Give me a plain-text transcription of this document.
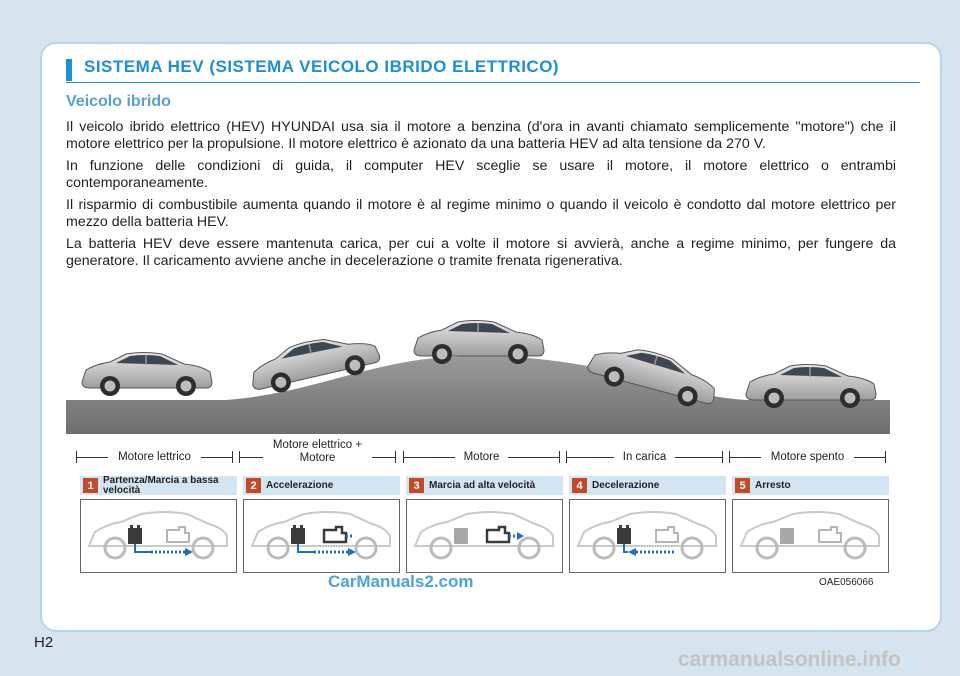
SISTEMA HEV (SISTEMA VEICOLO IBRIDO ELETTRICO)
Veicolo ibrido

Il veicolo ibrido elettrico (HEV) HYUNDAI usa sia il motore a benzina (d'ora in avanti chiamato semplicemente "motore") che il motore elettrico per la propulsione. Il motore elettrico è azionato da una batteria HEV ad alta tensione da 270 V.

In funzione delle condizioni di guida, il computer HEV sceglie se usare il motore, il motore elettrico o entrambi contemporaneamente.

Il risparmio di combustibile aumenta quando il motore è al regime minimo o quando il veicolo è condotto dal motore elettrico per mezzo della batteria HEV.

La batteria HEV deve essere mantenuta carica, per cui a volte il motore si avvierà, anche a regime minimo, per fungere da generatore. Il caricamento avviene anche in decelerazione o tramite frenata rigenerativa.

Motore lettrico
Motore elettrico + Motore	Motore	In carica	Motore spento
1 Partenza/Marcia a bassa velocità	2 Accelerazione	3 Marcia ad alta velocità	4 Decelerazione	5 Arresto
OAE056066
CarManuals2.com
H2
carmanualsonline.info
